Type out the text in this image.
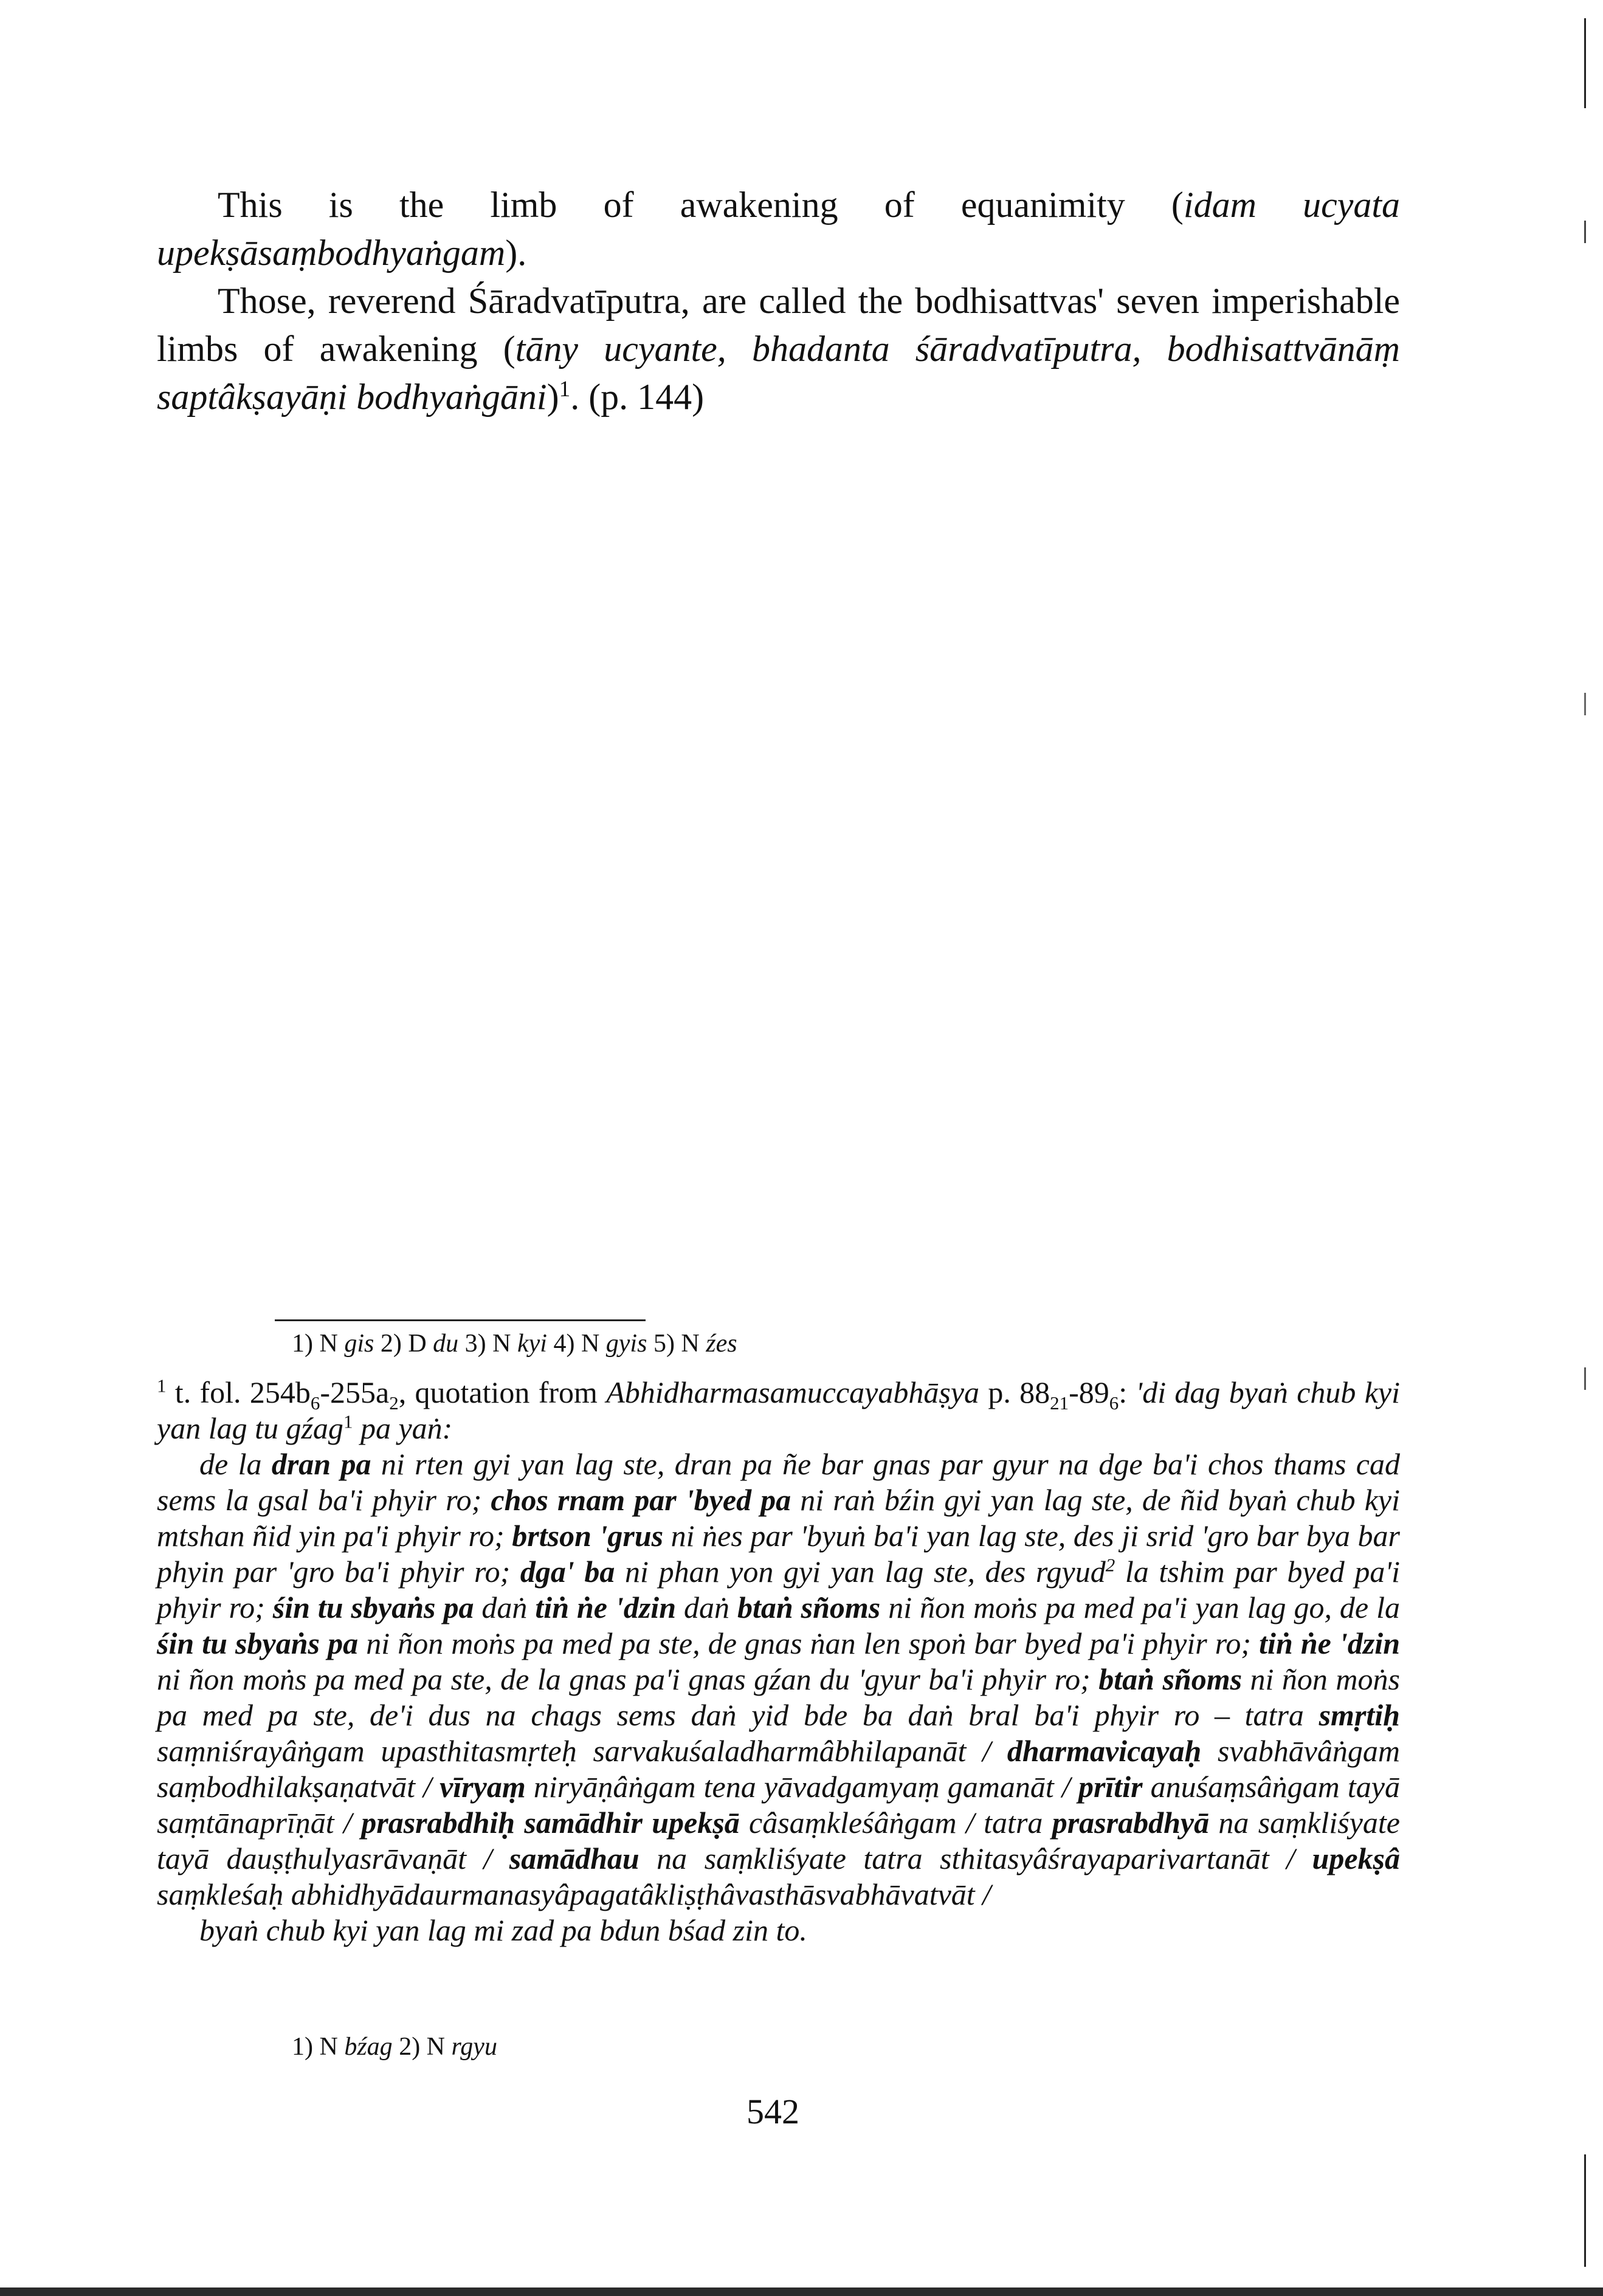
This is the limb of awakening of equanimity (idam ucyata upekṣāsaṃbodhyaṅgam).

Those, reverend Śāradvatīputra, are called the bodhisattvas' seven imperishable limbs of awakening (tāny ucyante, bhadanta śāradvatīputra, bodhisattvānāṃ saptâkṣayāṇi bodhyaṅgāni)$^1$. (p. 144)

1) N gis 2) D du 3) N kyi 4) N gyis 5) N źes

$^1$ t. fol. $254b_6-255a_2$, quotation from Abhidharmasamuccayabhāṣya p. $88_{21}-89_6$: 'di dag byaṅ chub kyi yan lag tu gźag$^1$ pa yaṅ:

de la dran pa ni rten gyi yan lag ste, dran pa ñe bar gnas par gyur na dge ba'i chos thams cad sems la gsal ba'i phyir ro; chos rnam par 'byed pa ni raṅ bźin gyi yan lag ste, de ñid byaṅ chub kyi mtshan ñid yin pa'i phyir ro; brtson 'grus ni ṅes par 'byuṅ ba'i yan lag ste, des ji srid 'gro bar bya bar phyin par 'gro ba'i phyir ro; dga' ba ni phan yon gyi yan lag ste, des rgyud$^2$ la tshim par byed pa'i phyir ro; śin tu sbyaṅs pa daṅ tiṅ ṅe 'dzin daṅ btaṅ sñoms ni ñon moṅs pa med pa'i yan lag go, de la śin tu sbyaṅs pa ni ñon moṅs pa med pa ste, de gnas ṅan len spoṅ bar byed pa'i phyir ro; tiṅ ṅe 'dzin ni ñon moṅs pa med pa ste, de la gnas pa'i gnas gźan du 'gyur ba'i phyir ro; btaṅ sñoms ni ñon moṅs pa med pa ste, de'i dus na chags sems daṅ yid bde ba daṅ bral ba'i phyir ro – tatra smṛtiḥ saṃniśrayâṅgam upasthitasmṛteḥ sarvakuśaladharmâbhilapanāt / dharmavicayaḥ svabhāvâṅgam saṃbodhilakṣaṇatvāt / vīryaṃ niryāṇâṅgam tena yāvadgamyaṃ gamanāt / prītir anuśaṃsâṅgam tayā saṃtānaprīṇāt / prasrabdhiḥ samādhir upekṣā câsaṃkleśâṅgam / tatra prasrabdhyā na saṃkliśyate tayā dauṣṭhulyasrāvaṇāt / samādhau na saṃkliśyate tatra sthitasyâśrayaparivartanāt / upekṣâ saṃkleśaḥ abhidhyādaurmanasyâpagatâkliṣṭhâvasthāsvabhāvatvāt /

byaṅ chub kyi yan lag mi zad pa bdun bśad zin to.

1) N bźag 2) N rgyu
542
